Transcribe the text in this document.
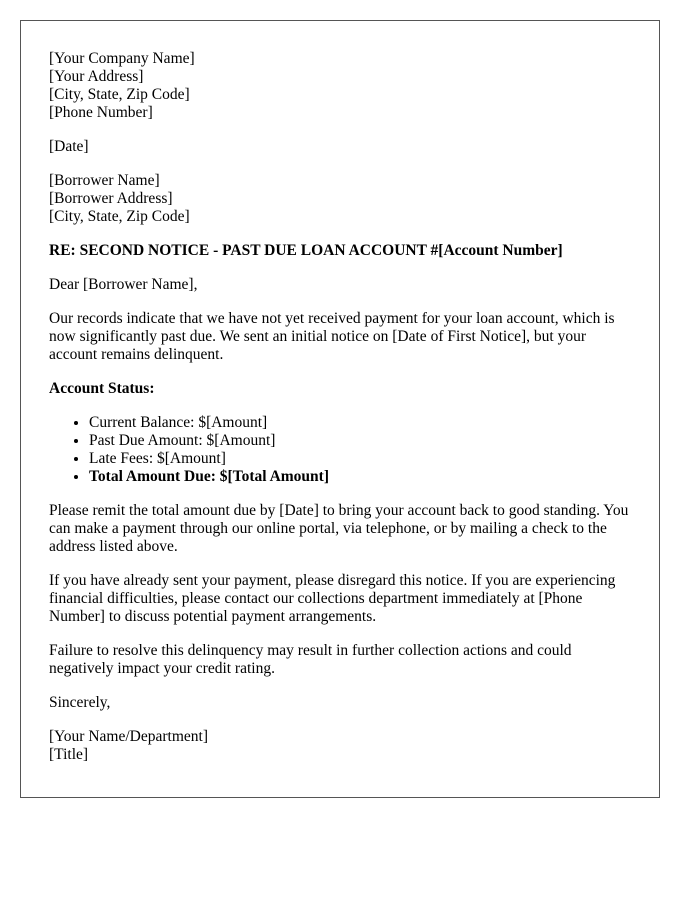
[Your Company Name]
[Your Address]
[City, State, Zip Code]
[Phone Number]

[Date]

[Borrower Name]
[Borrower Address]
[City, State, Zip Code]

RE: SECOND NOTICE - PAST DUE LOAN ACCOUNT #[Account Number]

Dear [Borrower Name],

Our records indicate that we have not yet received payment for your loan account, which is now significantly past due. We sent an initial notice on [Date of First Notice], but your account remains delinquent.

Account Status:

• Current Balance: $[Amount]
• Past Due Amount: $[Amount]
• Late Fees: $[Amount]
• Total Amount Due: $[Total Amount]

Please remit the total amount due by [Date] to bring your account back to good standing. You can make a payment through our online portal, via telephone, or by mailing a check to the address listed above.

If you have already sent your payment, please disregard this notice. If you are experiencing financial difficulties, please contact our collections department immediately at [Phone Number] to discuss potential payment arrangements.

Failure to resolve this delinquency may result in further collection actions and could negatively impact your credit rating.

Sincerely,

[Your Name/Department]
[Title]
